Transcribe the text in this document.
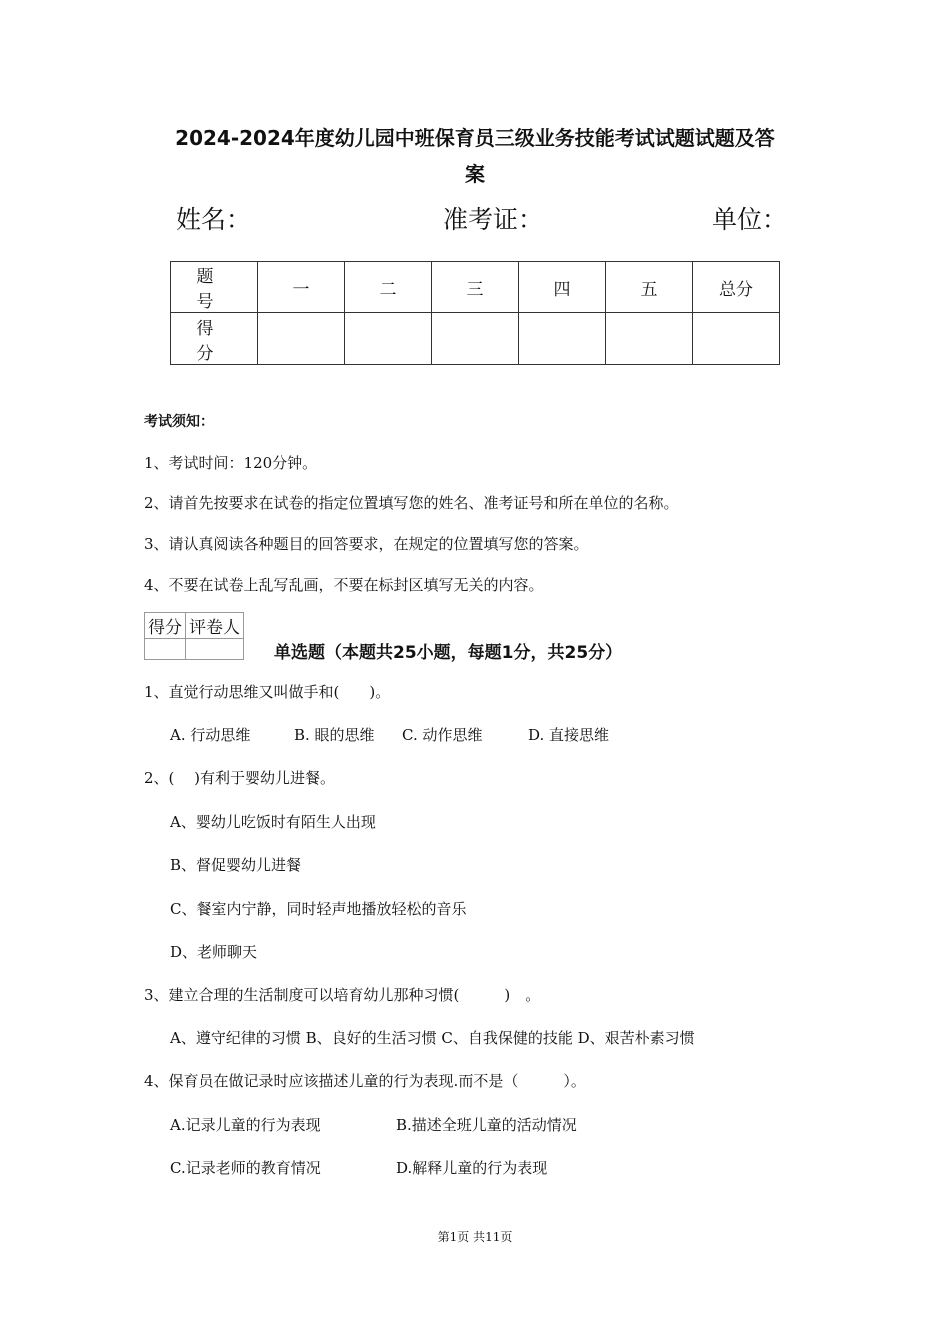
2024-2024年度幼儿园中班保育员三级业务技能考试试题试题及答
案
姓名：	准考证：	单位：
题 号	一	二	三	四	五	总分
得 分						
考试须知：
1、考试时间：120分钟。
2、请首先按要求在试卷的指定位置填写您的姓名、准考证号和所在单位的名称。
3、请认真阅读各种题目的回答要求，在规定的位置填写您的答案。
4、不要在试卷上乱写乱画，不要在标封区填写无关的内容。
得分	评卷人

单选题（本题共25小题，每题1分，共25分）
1、直觉行动思维又叫做手和(　　)。
A. 行动思维	B. 眼的思维 C. 动作思维	D. 直接思维
2、(　 )有利于婴幼儿进餐。
A、婴幼儿吃饭时有陌生人出现
B、督促婴幼儿进餐
C、餐室内宁静，同时轻声地播放轻松的音乐
D、老师聊天
3、建立合理的生活制度可以培育幼儿那种习惯(　　　)　。
A、遵守纪律的习惯 B、良好的生活习惯 C、自我保健的技能 D、艰苦朴素习惯
4、保育员在做记录时应该描述儿童的行为表现.而不是（　　　）。
A.记录儿童的行为表现	B.描述全班儿童的活动情况
C.记录老师的教育情况	D.解释儿童的行为表现
第1页 共11页
